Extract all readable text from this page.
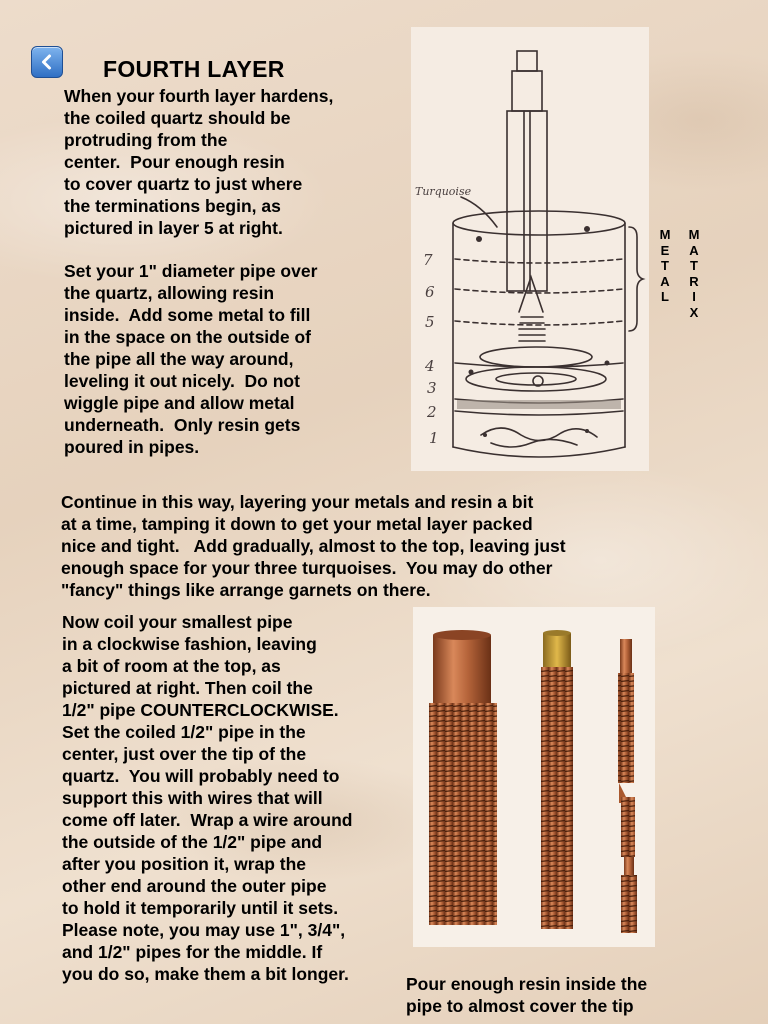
FOURTH LAYER

When your fourth layer hardens,
the coiled quartz should be
protruding from the
center.  Pour enough resin
to cover quartz to just where
the terminations begin, as
pictured in layer 5 at right.

Set your 1" diameter pipe over
the quartz, allowing resin
inside.  Add some metal to fill
in the space on the outside of
the pipe all the way around,
leveling it out nicely.  Do not
wiggle pipe and allow metal
underneath.  Only resin gets
poured in pipes.

Continue in this way, layering your metals and resin a bit
at a time, tamping it down to get your metal layer packed
nice and tight.   Add gradually, almost to the top, leaving just
enough space for your three turquoises.  You may do other
"fancy" things like arrange garnets on there.

Now coil your smallest pipe
in a clockwise fashion, leaving
a bit of room at the top, as
pictured at right. Then coil the
1/2" pipe COUNTERCLOCKWISE.
Set the coiled 1/2" pipe in the
center, just over the tip of the
quartz.  You will probably need to
support this with wires that will
come off later.  Wrap a wire around
the outside of the 1/2" pipe and
after you position it, wrap the
other end around the outer pipe
to hold it temporarily until it sets.
Please note, you may use 1", 3/4",
and 1/2" pipes for the middle. If
you do so, make them a bit longer.	Pour enough resin inside the
pipe to almost cover the tip

Turquoise
7
6
5
4
3
2
1
M
E
T
A
L
M
A
T
R
I
X
